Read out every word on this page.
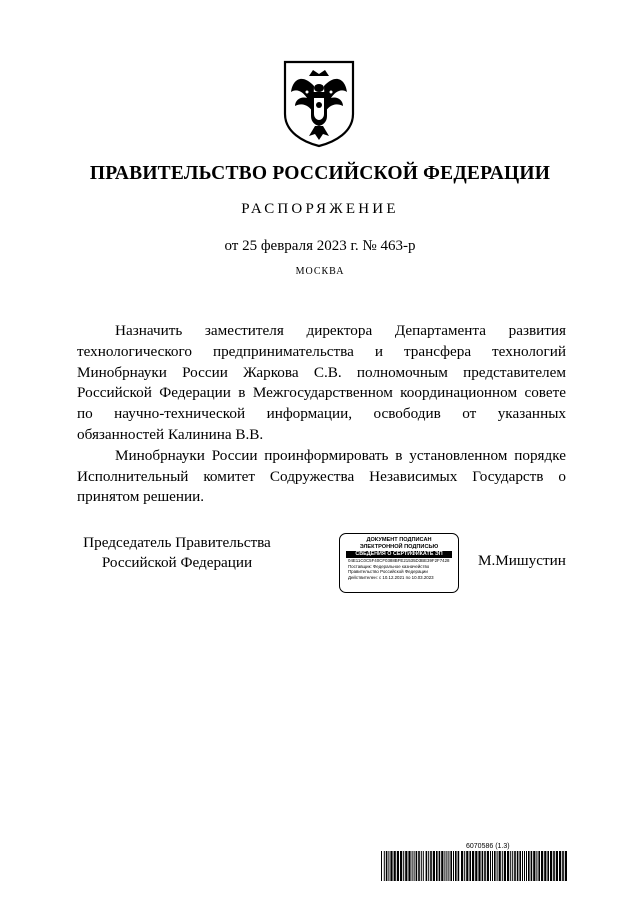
ПРАВИТЕЛЬСТВО РОССИЙСКОЙ ФЕДЕРАЦИИ
РАСПОРЯЖЕНИЕ
от 25 февраля 2023 г. № 463-р
МОСКВА

Назначить заместителя директора Департамента развития технологического предпринимательства и трансфера технологий Минобрнауки России Жаркова С.В. полномочным представителем Российской Федерации в Межгосударственном координационном совете по научно-технической информации, освободив от указанных обязанностей Калинина В.В.

Минобрнауки России проинформировать в установленном порядке Исполнительный комитет Содружества Независимых Государств о принятом решении.

Председатель Правительства
Российской Федерации
ДОКУМЕНТ ПОДПИСАН
ЭЛЕКТРОННОЙ ПОДПИСЬЮ
СВЕДЕНИЯ О СЕРТИФИКАТЕ ЭП
04E11C0C5F40CF0388BFE21535D3BE39F2F7428
Поставщик: Федеральное казначейство
Правительство Российской Федерации
Действителен: с 10.12.2021 по 10.03.2023
М.Мишустин
6070586 (1.3)
